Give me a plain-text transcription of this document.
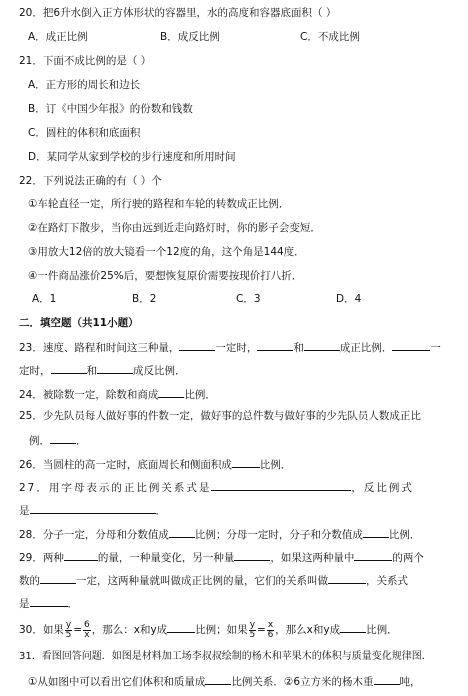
20．把6升水倒入正方体形状的容器里，水的高度和容器底面积（ ）
A．成正比例	B．成反比例	C．不成比例
21．下面不成比例的是（ ）
A．正方形的周长和边长
B．订《中国少年报》的份数和钱数
C．圆柱的体积和底面积
D．某同学从家到学校的步行速度和所用时间
22．下列说法正确的有（ ）个
①车轮直径一定，所行驶的路程和车轮的转数成正比例．
②在路灯下散步，当你由远到近走向路灯时，你的影子会变短．
③用放大12倍的放大镜看一个12度的角，这个角是144度．
④一件商品涨价25%后，要想恢复原价需要按现价打八折．
A．1	B．2	C．3	D．4
二．填空题（共11小题）
23．速度、路程和时间这三种量，	一定时，	和	成正比例．	一
定时，	和	成反比例．
24．被除数一定，除数和商成 比例．
25．少先队员每人做好事的件数一定，做好事的总件数与做好事的少先队员人数成正比
例． ．
26．当圆柱的高一定时，底面周长和侧面积成	比例．
27．用字母表示的正比例关系式是	，反比例式
是	．
28．分子一定，分母和分数值成 比例；分母一定时，分子和分数值成 比例．
29．两种	的量，一种量变化，另一种量	，如果这两种量中	的两个
数的	一定，这两种量就叫做成正比例的量，它们的关系叫做	，关系式
是	．
30．如果 $\frac{y}{5} = \frac{6}{x}$ ，那么：x和y成	比例；如果 $\frac{y}{5} = \frac{x}{6}$ ，那么x和y成 比例．
31．看图回答问题．如图是材料加工场李叔叔绘制的杨木和苹果木的体积与质量变化规律图．
①从如图中可以看出它们体积和质量成 比例关系．②6立方米的杨木重 吨，
